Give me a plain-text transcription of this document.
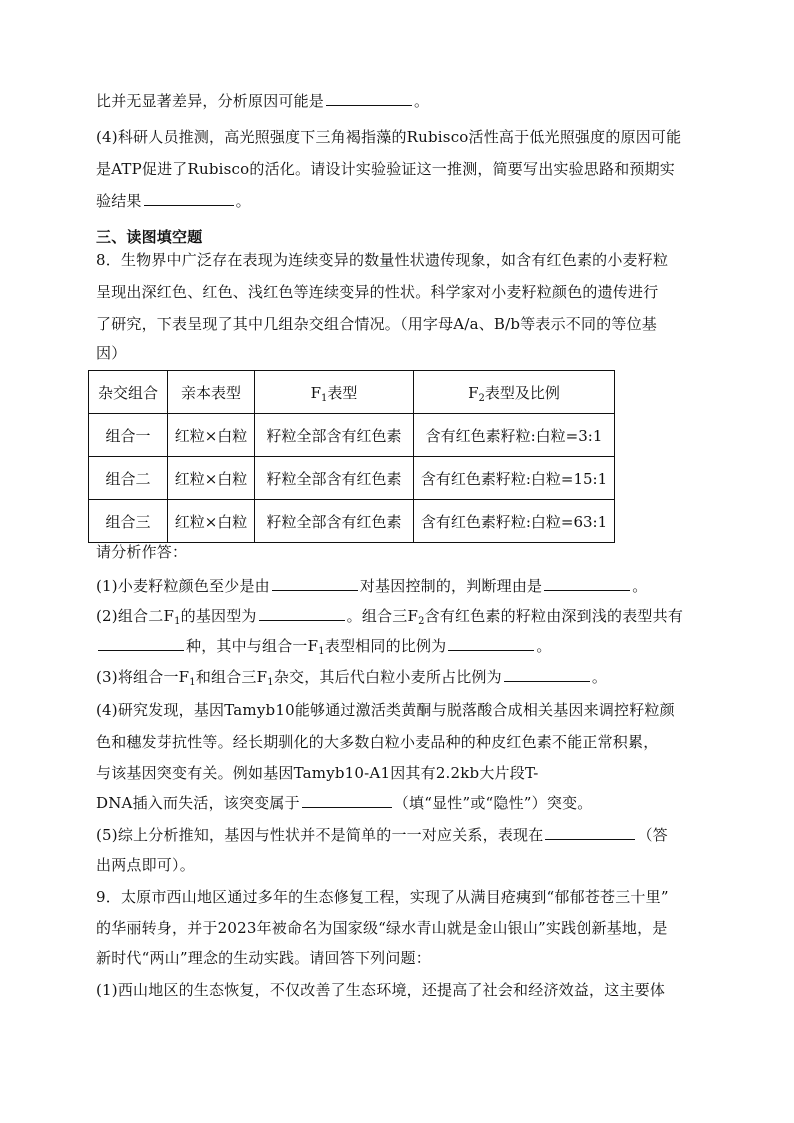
比并无显著差异，分析原因可能是	。
(4)科研人员推测，高光照强度下三角褐指藻的Rubisco活性高于低光照强度的原因可能
是ATP促进了Rubisco的活化。请设计实验验证这一推测，简要写出实验思路和预期实
验结果	。
三、读图填空题
8．生物界中广泛存在表现为连续变异的数量性状遗传现象，如含有红色素的小麦籽粒
呈现出深红色、红色、浅红色等连续变异的性状。科学家对小麦籽粒颜色的遗传进行
了研究，下表呈现了其中几组杂交组合情况。（用字母A/a、B/b等表示不同的等位基
因）
杂交组合	亲本表型	$F_1$表型	$F_2$表型及比例
组合一	红粒×白粒	籽粒全部含有红色素	含有红色素籽粒:白粒=3:1
组合二	红粒×白粒	籽粒全部含有红色素	含有红色素籽粒:白粒=15:1
组合三	红粒×白粒	籽粒全部含有红色素	含有红色素籽粒:白粒=63:1
请分析作答：
(1)小麦籽粒颜色至少是由	对基因控制的，判断理由是	。
(2)组合二$F_1$的基因型为	。组合三$F_2$含有红色素的籽粒由深到浅的表型共有
种，其中与组合一$F_1$表型相同的比例为	。
(3)将组合一$F_1$和组合三$F_1$杂交，其后代白粒小麦所占比例为	。
(4)研究发现，基因Tamyb10能够通过激活类黄酮与脱落酸合成相关基因来调控籽粒颜
色和穗发芽抗性等。经长期驯化的大多数白粒小麦品种的种皮红色素不能正常积累，
与该基因突变有关。例如基因Tamyb10-A1因其有2.2kb大片段T-
DNA插入而失活，该突变属于	（填“显性”或“隐性”）突变。
(5)综上分析推知，基因与性状并不是简单的一一对应关系，表现在	（答
出两点即可）。
9．太原市西山地区通过多年的生态修复工程，实现了从满目疮痍到“郁郁苍苍三十里”
的华丽转身，并于2023年被命名为国家级“绿水青山就是金山银山”实践创新基地，是
新时代“两山”理念的生动实践。请回答下列问题：
(1)西山地区的生态恢复，不仅改善了生态环境，还提高了社会和经济效益，这主要体
